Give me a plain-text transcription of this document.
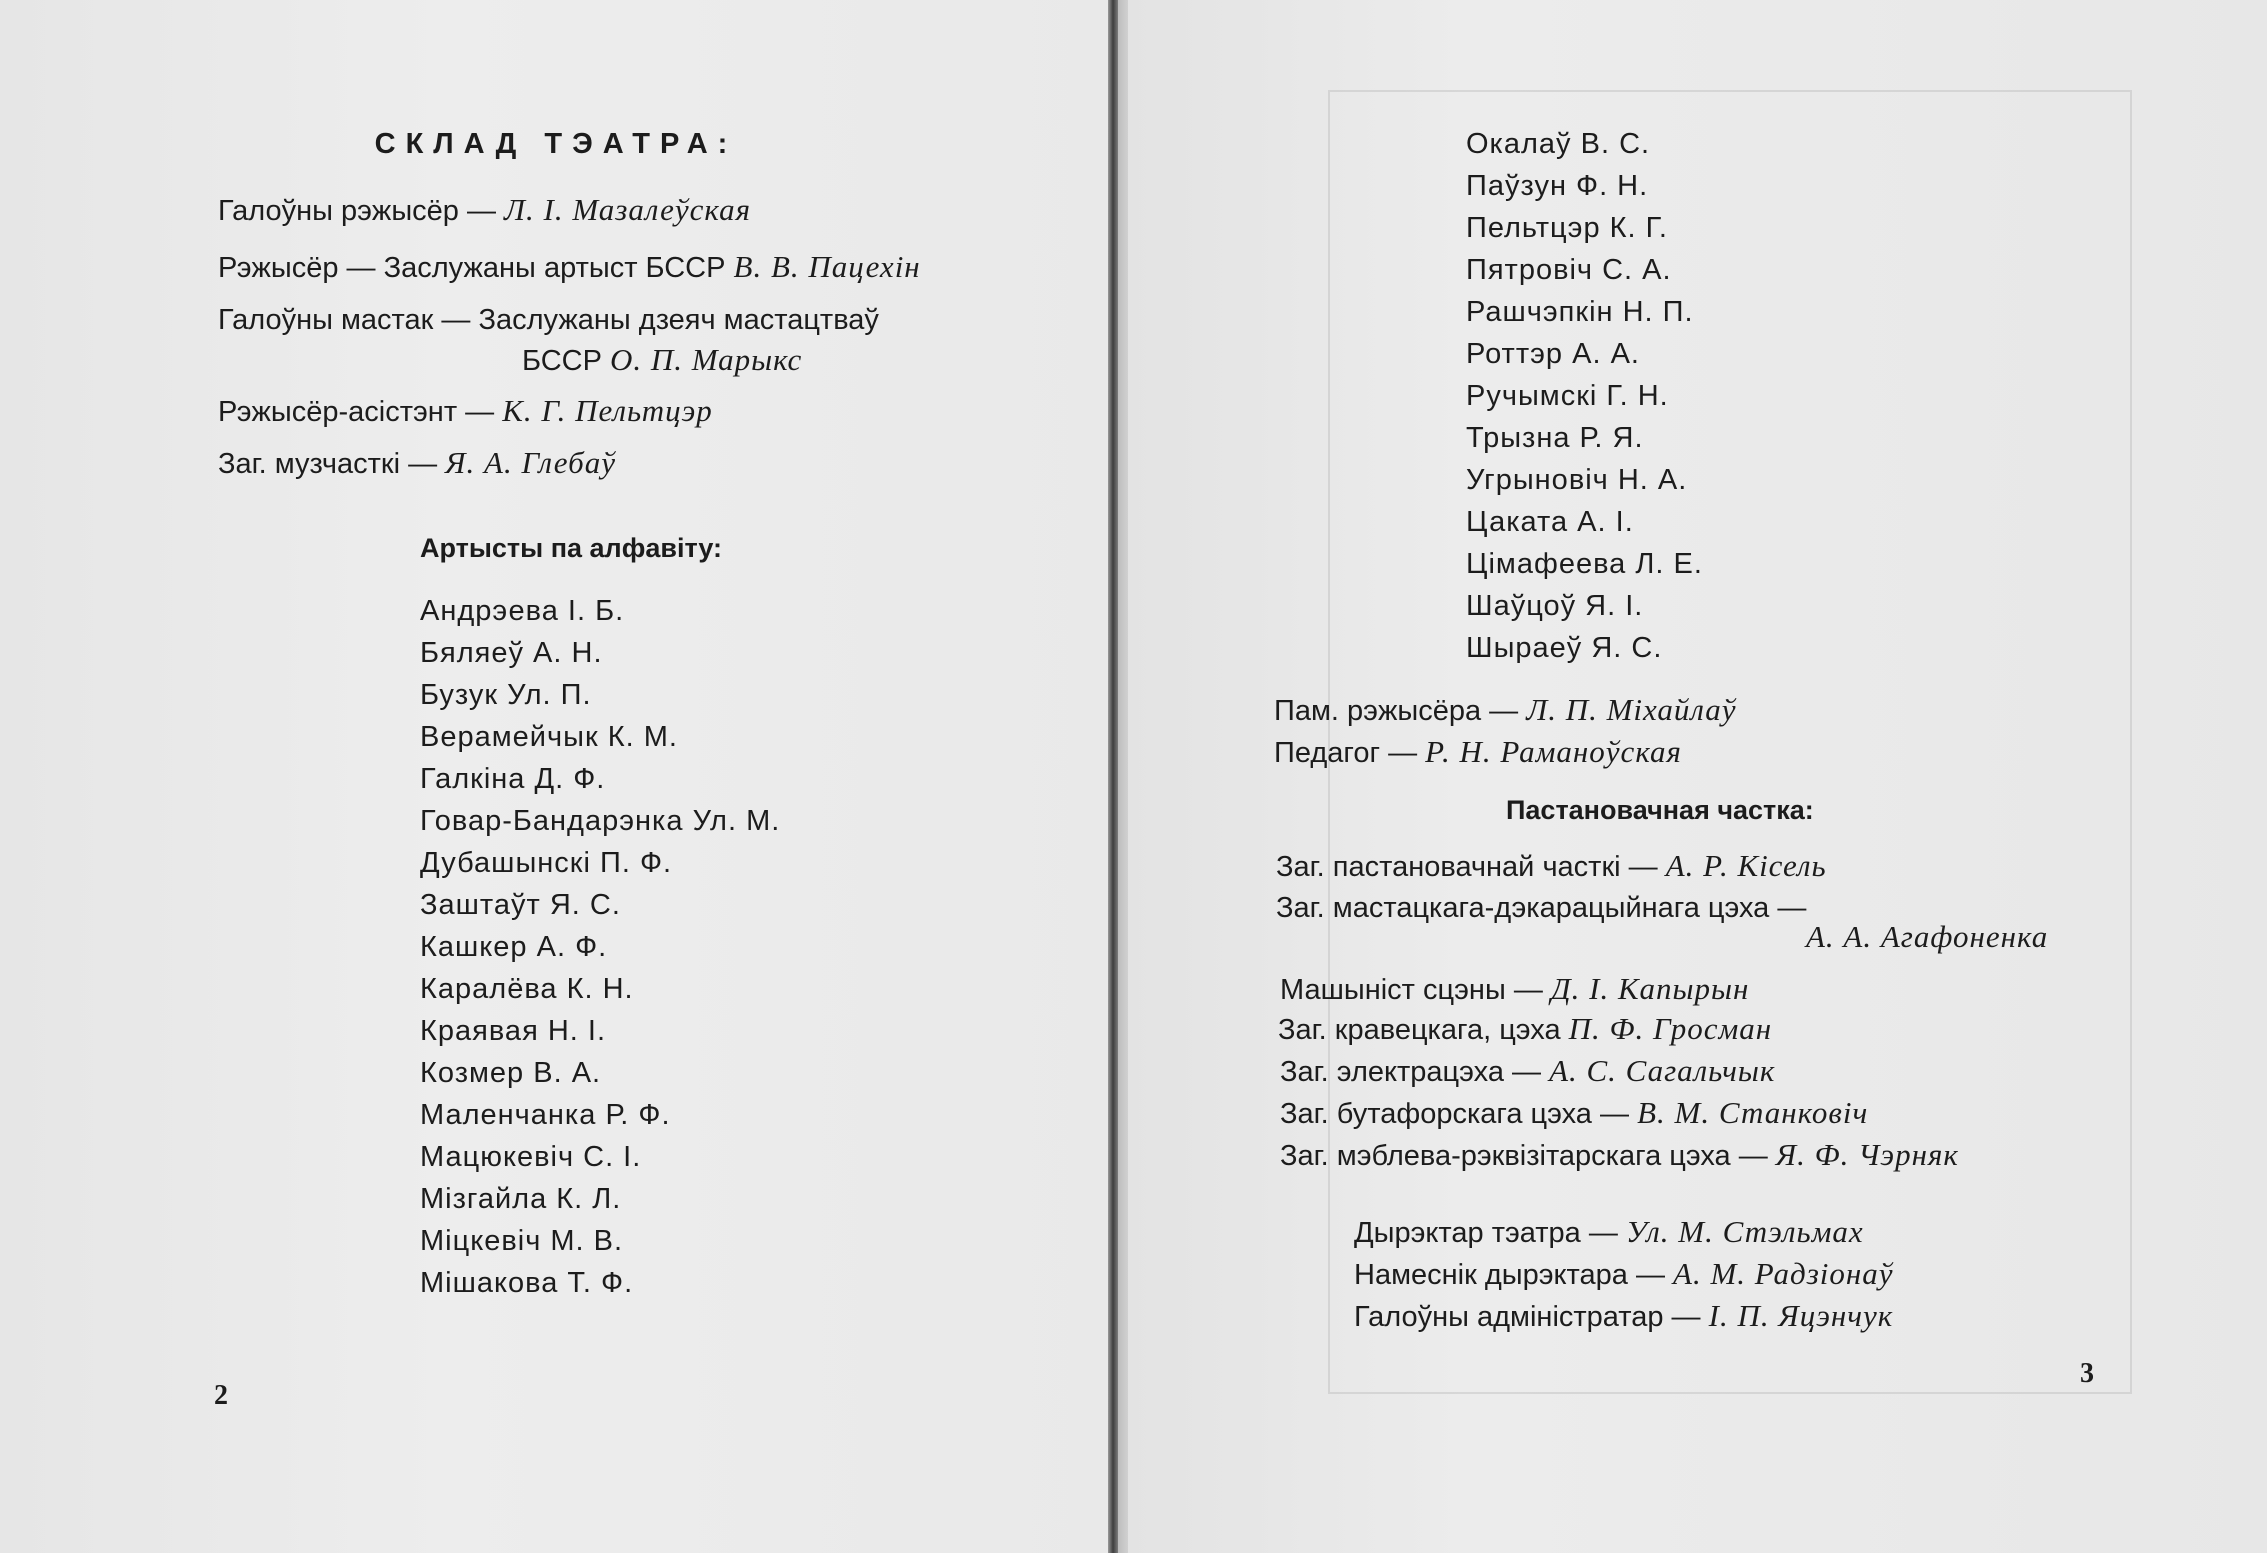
СКЛАД ТЭАТРА:
Галоўны рэжысёр — Л. І. Мазалеўская
Рэжысёр — Заслужаны артыст БССР В. В. Пацехін
Галоўны мастак — Заслужаны дзеяч мастацтваў
БССР О. П. Марыкс
Рэжысёр-асістэнт — К. Г. Пельтцэр
Заг. музчасткі — Я. А. Глебаў
Артысты па алфавіту:
Андрэева І. Б.
Бяляеў А. Н.
Бузук Ул. П.
Верамейчык К. М.
Галкіна Д. Ф.
Говар-Бандарэнка Ул. М.
Дубашынскі П. Ф.
Заштаўт Я. С.
Кашкер А. Ф.
Каралёва К. Н.
Краявая Н. І.
Козмер В. А.
Маленчанка Р. Ф.
Мацюкевіч С. І.
Мізгайла К. Л.
Міцкевіч М. В.
Мішакова Т. Ф.
2
Окалаў В. С.
Паўзун Ф. Н.
Пельтцэр К. Г.
Пятровіч С. А.
Рашчэпкін Н. П.
Роттэр А. А.
Ручымскі Г. Н.
Трызна Р. Я.
Угрыновіч Н. А.
Цаката А. І.
Цімафеева Л. Е.
Шаўцоў Я. І.
Шыраеў Я. С.
Пам. рэжысёра — Л. П. Міхайлаў
Педагог — Р. Н. Раманоўская
Пастановачная частка:
Заг. пастановачнай часткі — А. Р. Кісель
Заг. мастацкага-дэкарацыйнага цэха —
А. А. Агафоненка
Машыніст сцэны — Д. І. Капырын
Заг. кравецкага, цэха П. Ф. Гросман
Заг. электрацэха — А. С. Сагальчык
Заг. бутафорскага цэха — В. М. Станковіч
Заг. мэблева-рэквізітарскага цэха — Я. Ф. Чэрняк
Дырэктар тэатра — Ул. М. Стэльмах
Намеснік дырэктара — А. М. Радзіонаў
Галоўны адміністратар — І. П. Яцэнчук
3
